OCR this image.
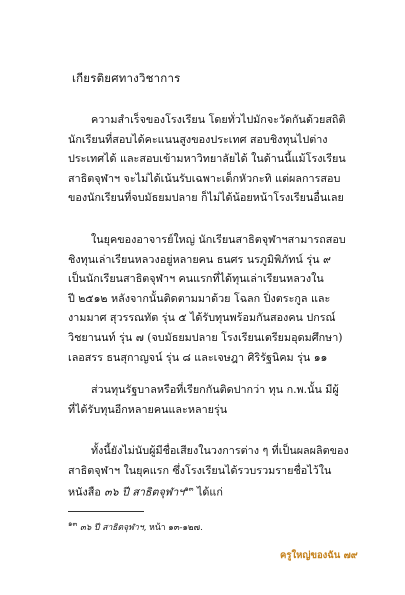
เกียรติยศทางวิชาการ
ความสำเร็จของโรงเรียน โดยทั่วไปมักจะวัดกันด้วยสถิติ
นักเรียนที่สอบได้คะแนนสูงของประเทศ สอบชิงทุนไปต่าง
ประเทศได้ และสอบเข้ามหาวิทยาลัยได้ ในด้านนี้แม้โรงเรียน
สาธิตจุฬาฯ จะไม่ได้เน้นรับเฉพาะเด็กหัวกะทิ แต่ผลการสอบ
ของนักเรียนที่จบมัธยมปลาย ก็ไม่ได้น้อยหน้าโรงเรียนอื่นเลย
ในยุคของอาจารย์ใหญ่ นักเรียนสาธิตจุฬาฯสามารถสอบ
ชิงทุนเล่าเรียนหลวงอยู่หลายคน ธนศร นรภูมิพิภัทน์ รุ่น ๙
เป็นนักเรียนสาธิตจุฬาฯ คนแรกที่ได้ทุนเล่าเรียนหลวงใน
ปี ๒๕๑๒ หลังจากนั้นติดตามมาด้วย โฉลก ปิ่งตระกูล และ
งามมาศ สุวรรณทัต รุ่น ๕ ได้รับทุนพร้อมกันสองคน ปกรณ์
วิชยานนท์ รุ่น ๗ (จบมัธยมปลาย โรงเรียนเตรียมอุดมศึกษา)
เลอสรร ธนสุกาญจน์ รุ่น ๘ และเจษฎา ศิริรัฐนิคม รุ่น ๑๑
ส่วนทุนรัฐบาลหรือที่เรียกกันติดปากว่า ทุน ก.พ.นั้น มีผู้
ที่ได้รับทุนอีกหลายคนและหลายรุ่น
ทั้งนี้ยังไม่นับผู้มีชื่อเสียงในวงการต่าง ๆ ที่เป็นผลผลิตของ
สาธิตจุฬาฯ ในยุคแรก ซึ่งโรงเรียนได้รวบรวมรายชื่อไว้ใน
หนังสือ ๓๖ ปี สาธิตจุฬาฯ$^{๑๓}$ ได้แก่
$^{๑๓}$ ๓๖ ปี สาธิตจุฬาฯ, หน้า ๑๓-๑๒๗.
ครูใหญ่ของฉัน ๗๙
